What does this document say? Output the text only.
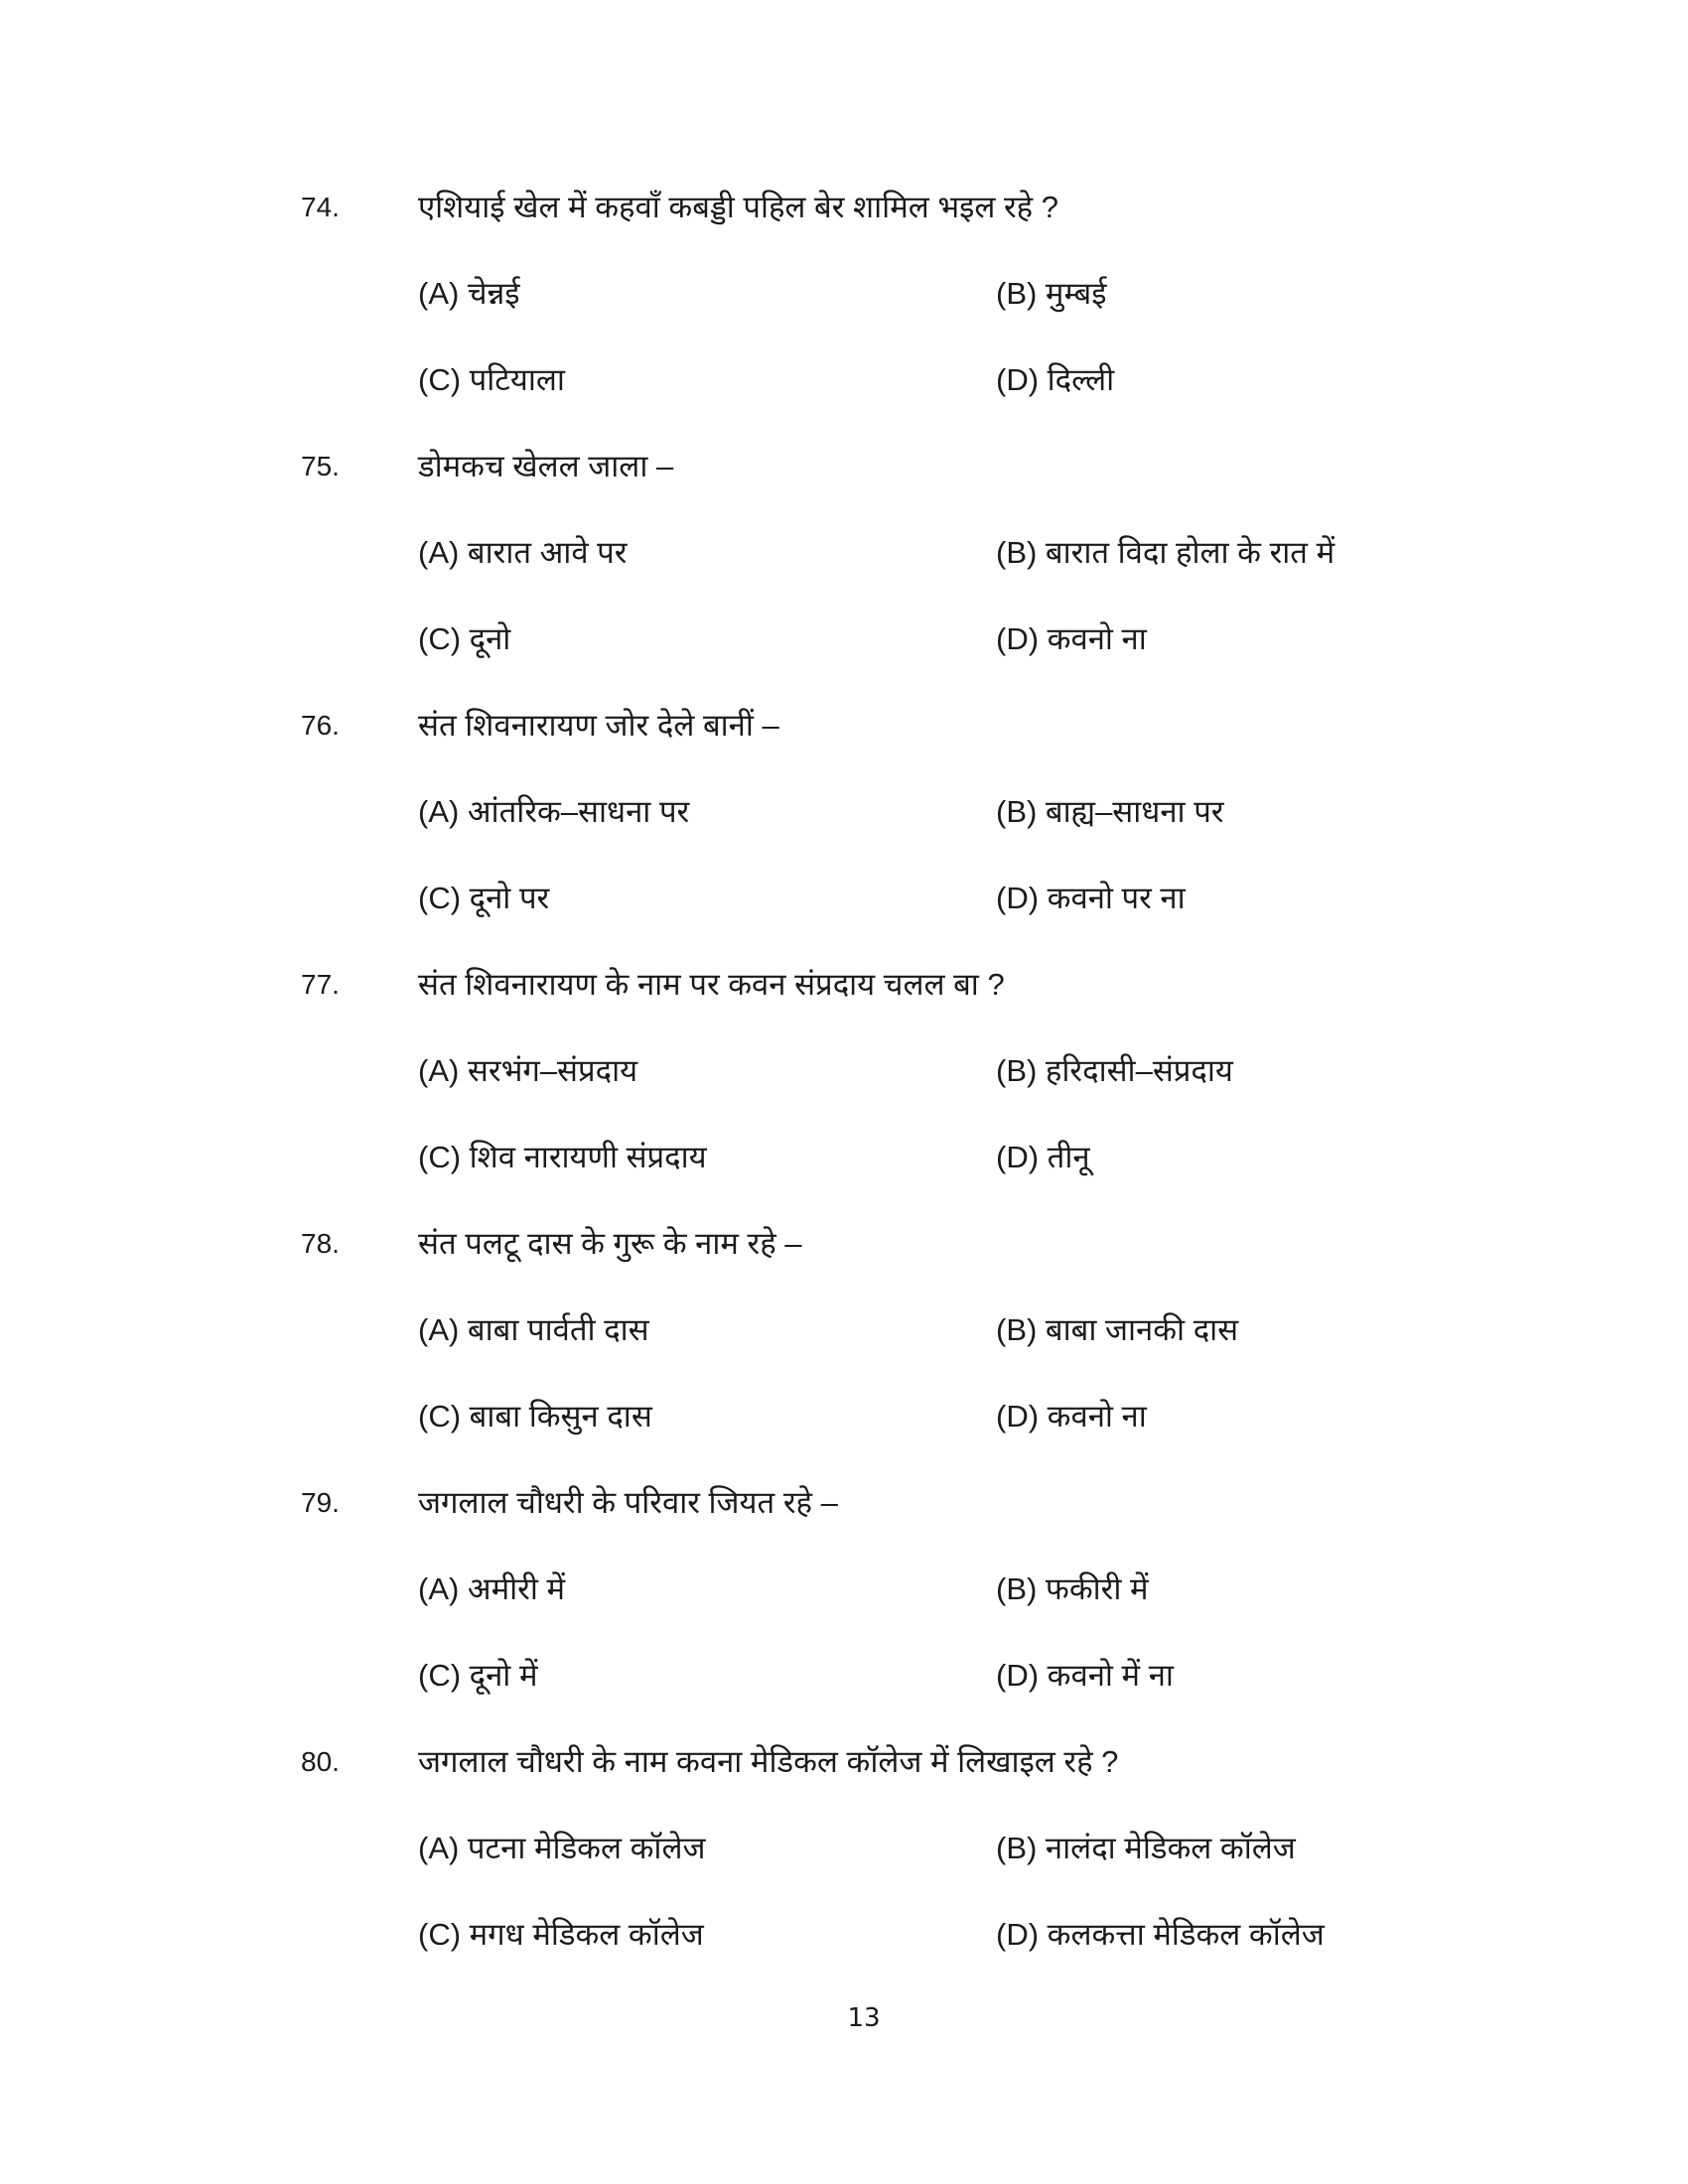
74.	एशियाई खेल में कहवाँ कबड्डी पहिल बेर शामिल भइल रहे ?
(A) चेन्नई	(B) मुम्बई
(C) पटियाला	(D) दिल्ली
75.	डोमकच खेलल जाला –
(A) बारात आवे पर	(B) बारात विदा होला के रात में
(C) दूनो	(D) कवनो ना
76.	संत शिवनारायण जोर देले बानीं –
(A) आंतरिक–साधना पर	(B) बाह्य–साधना पर
(C) दूनो पर	(D) कवनो पर ना
77.	संत शिवनारायण के नाम पर कवन संप्रदाय चलल बा ?
(A) सरभंग–संप्रदाय	(B) हरिदासी–संप्रदाय
(C) शिव नारायणी संप्रदाय	(D) तीनू
78.	संत पलटू दास के गुरू के नाम रहे –
(A) बाबा पार्वती दास	(B) बाबा जानकी दास
(C) बाबा किसुन दास	(D) कवनो ना
79.	जगलाल चौधरी के परिवार जियत रहे –
(A) अमीरी में	(B) फकीरी में
(C) दूनो में	(D) कवनो में ना
80.	जगलाल चौधरी के नाम कवना मेडिकल कॉलेज में लिखाइल रहे ?
(A) पटना मेडिकल कॉलेज	(B) नालंदा मेडिकल कॉलेज
(C) मगध मेडिकल कॉलेज	(D) कलकत्ता मेडिकल कॉलेज
13
